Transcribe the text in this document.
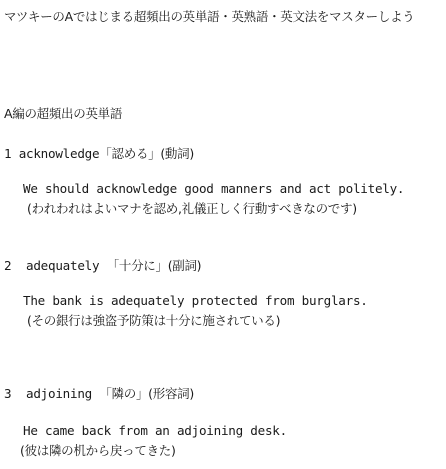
マツキーのAではじまる超頻出の英単語・英熟語・英文法をマスターしよう
A編の超頻出の英単語
1 acknowledge「認める」(動詞)
We should acknowledge good manners and act politely.
(われわれはよいマナを認め,礼儀正しく行動すべきなのです)
2 adequately 「十分に」(副詞)
The bank is adequately protected from burglars.
(その銀行は強盗予防策は十分に施されている)
3 adjoining 「隣の」(形容詞)
He came back from an adjoining desk.
(彼は隣の机から戻ってきた)
